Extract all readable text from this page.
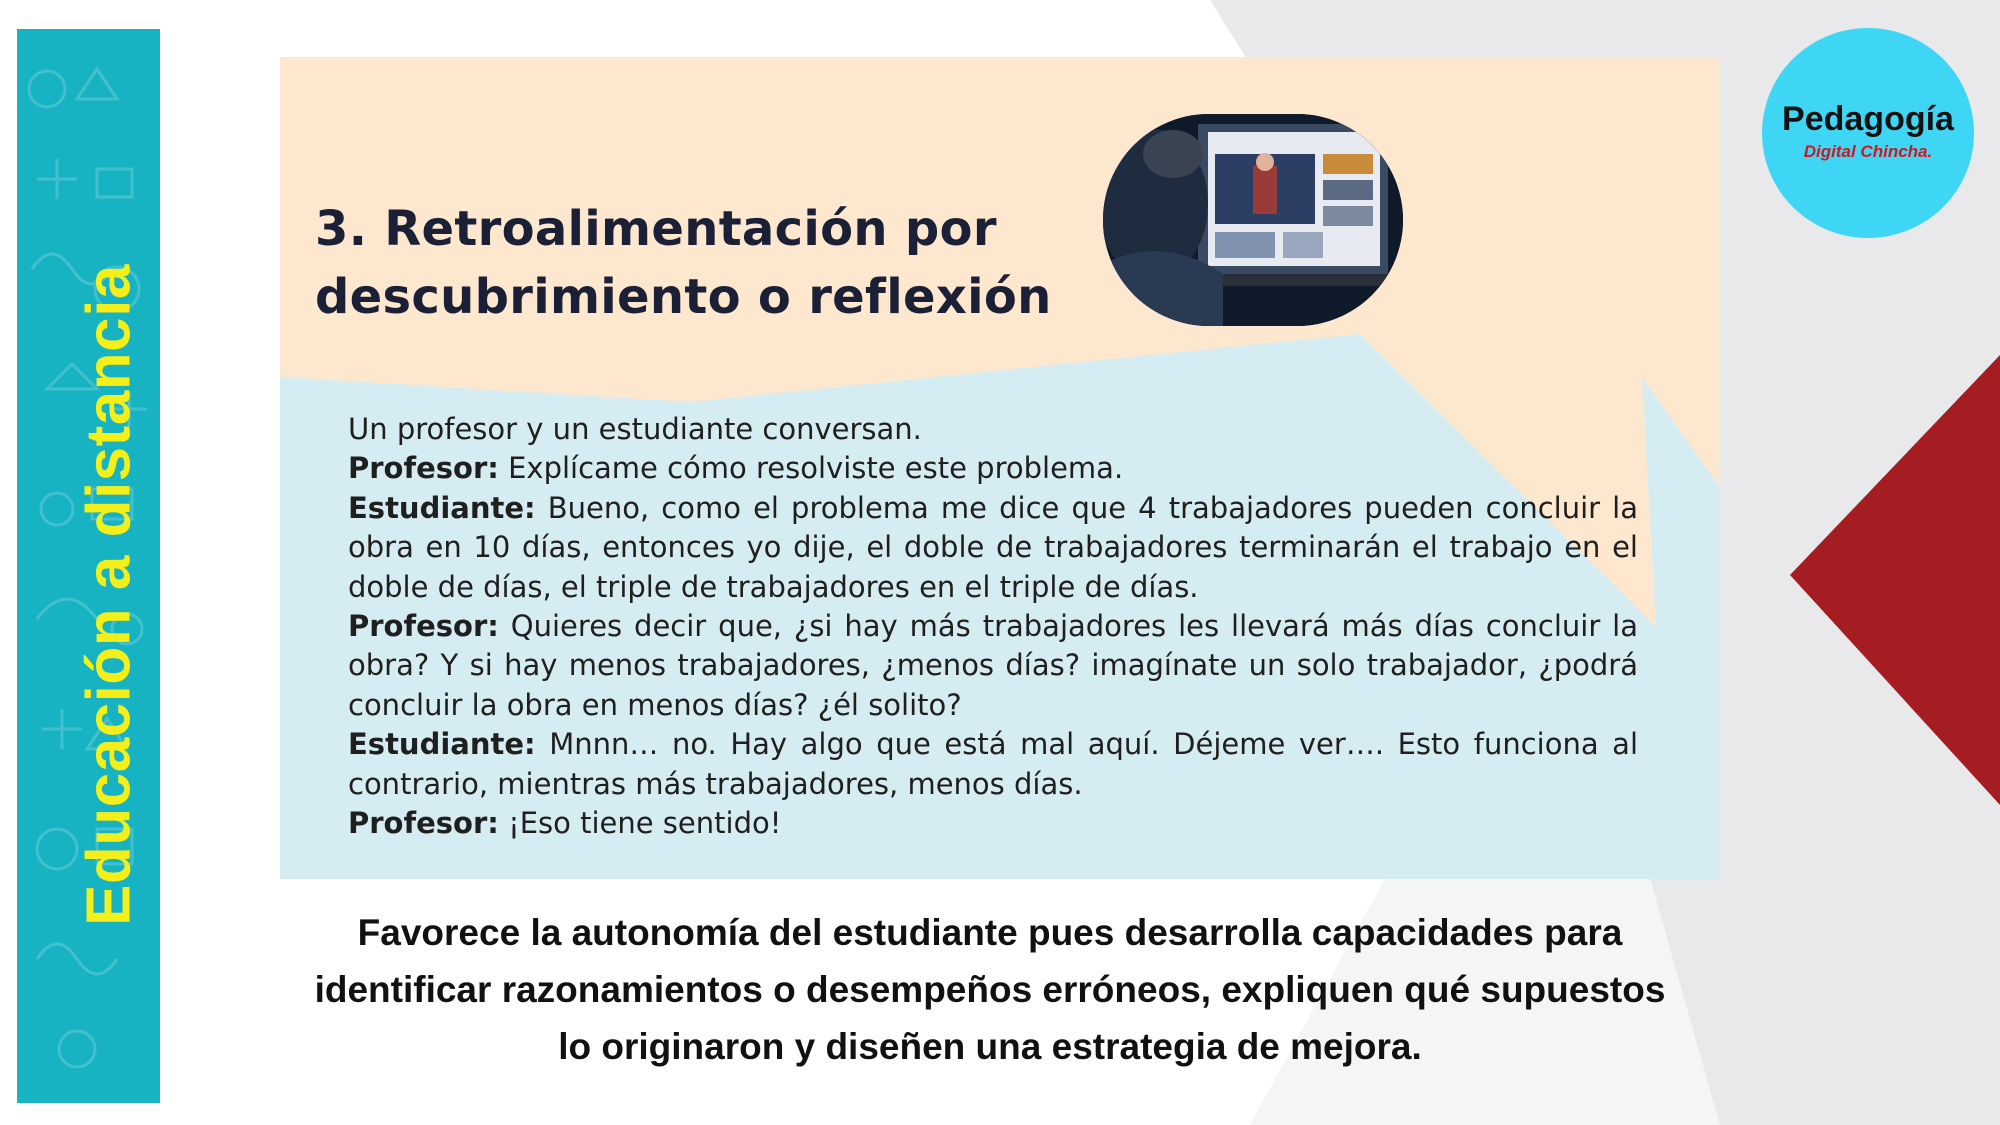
Educación a distancia
Pedagogía
Digital Chincha.
3. Retroalimentación por
descubrimiento o reflexión

Un profesor y un estudiante conversan.

Profesor: Explícame cómo resolviste este problema.

Estudiante: Bueno, como el problema me dice que 4 trabajadores pueden concluir la obra en 10 días, entonces yo dije, el doble de trabajadores terminarán el trabajo en el doble de días, el triple de trabajadores en el triple de días.

Profesor: Quieres decir que, ¿si hay más trabajadores les llevará más días concluir la obra? Y si hay menos trabajadores, ¿menos días? imagínate un solo trabajador, ¿podrá concluir la obra en menos días? ¿él solito?

Estudiante: Mnnn… no. Hay algo que está mal aquí. Déjeme ver…. Esto funciona al contrario, mientras más trabajadores, menos días.

Profesor: ¡Eso tiene sentido!

Favorece la autonomía del estudiante pues desarrolla capacidades para
identificar razonamientos o desempeños erróneos, expliquen qué supuestos
lo originaron y diseñen una estrategia de mejora.
